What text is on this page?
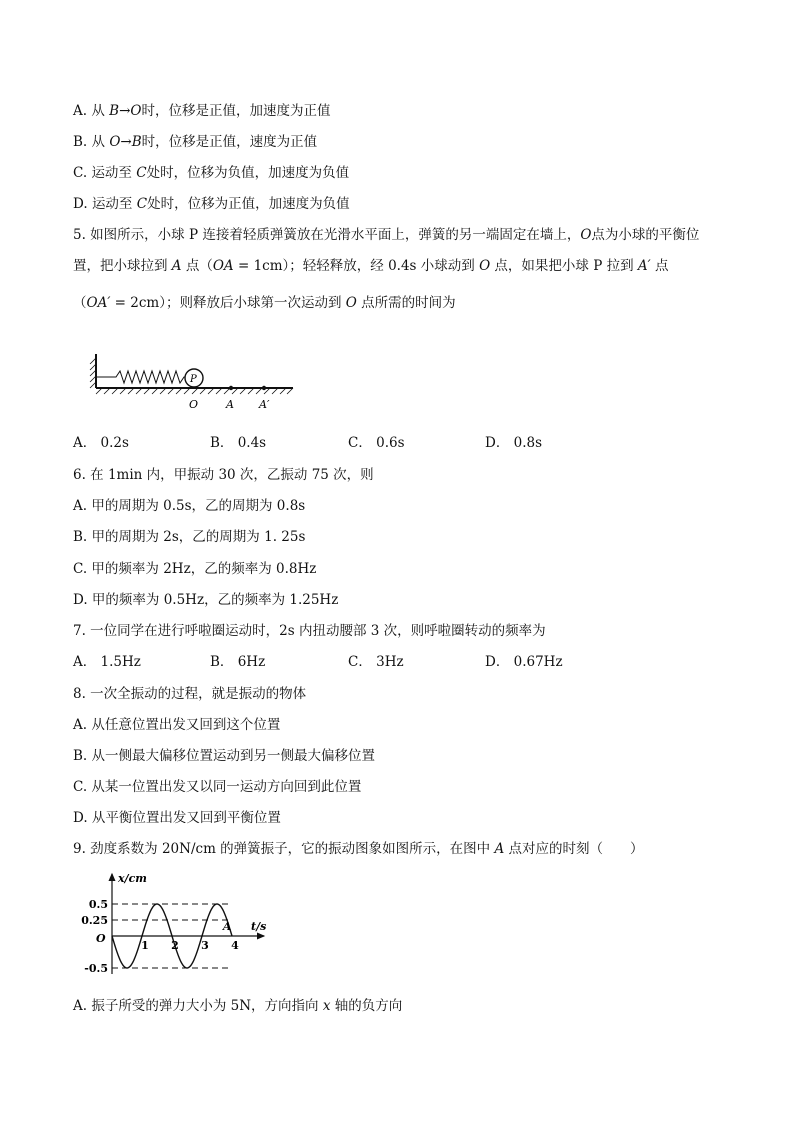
A. 从 B→O时，位移是正值，加速度为正值
B. 从 O→B时，位移是正值，速度为正值
C. 运动至 C处时，位移为负值，加速度为负值
D. 运动至 C处时，位移为正值，加速度为负值
5. 如图所示，小球 P 连接着轻质弹簧放在光滑水平面上，弹簧的另一端固定在墙上，O点为小球的平衡位
置，把小球拉到 A 点（OA = 1cm）；轻轻释放，经 0.4s 小球动到 O 点，如果把小球 P 拉到 A′ 点
（OA′ = 2cm）；则释放后小球第一次运动到 O 点所需的时间为
P
O	A A′
A． 0.2s	B． 0.4s	C． 0.6s	D． 0.8s
6. 在 1min 内，甲振动 30 次，乙振动 75 次，则
A. 甲的周期为 0.5s，乙的周期为 0.8s
B. 甲的周期为 2s，乙的周期为 1. 25s
C. 甲的频率为 2Hz，乙的频率为 0.8Hz
D. 甲的频率为 0.5Hz，乙的频率为 1.25Hz
7. 一位同学在进行呼啦圈运动时，2s 内扭动腰部 3 次，则呼啦圈转动的频率为
A． 1.5Hz	B． 6Hz	C． 3Hz	D． 0.67Hz
8. 一次全振动的过程，就是振动的物体
A. 从任意位置出发又回到这个位置
B. 从一侧最大偏移位置运动到另一侧最大偏移位置
C. 从某一位置出发又以同一运动方向回到此位置
D. 从平衡位置出发又回到平衡位置
9. 劲度系数为 20N/cm 的弹簧振子，它的振动图象如图所示，在图中 A 点对应的时刻（　　）
0.5
0.25
-0.5
1 2 3 4
x/cm
t/s
O
A
A. 振子所受的弹力大小为 5N，方向指向 x 轴的负方向
